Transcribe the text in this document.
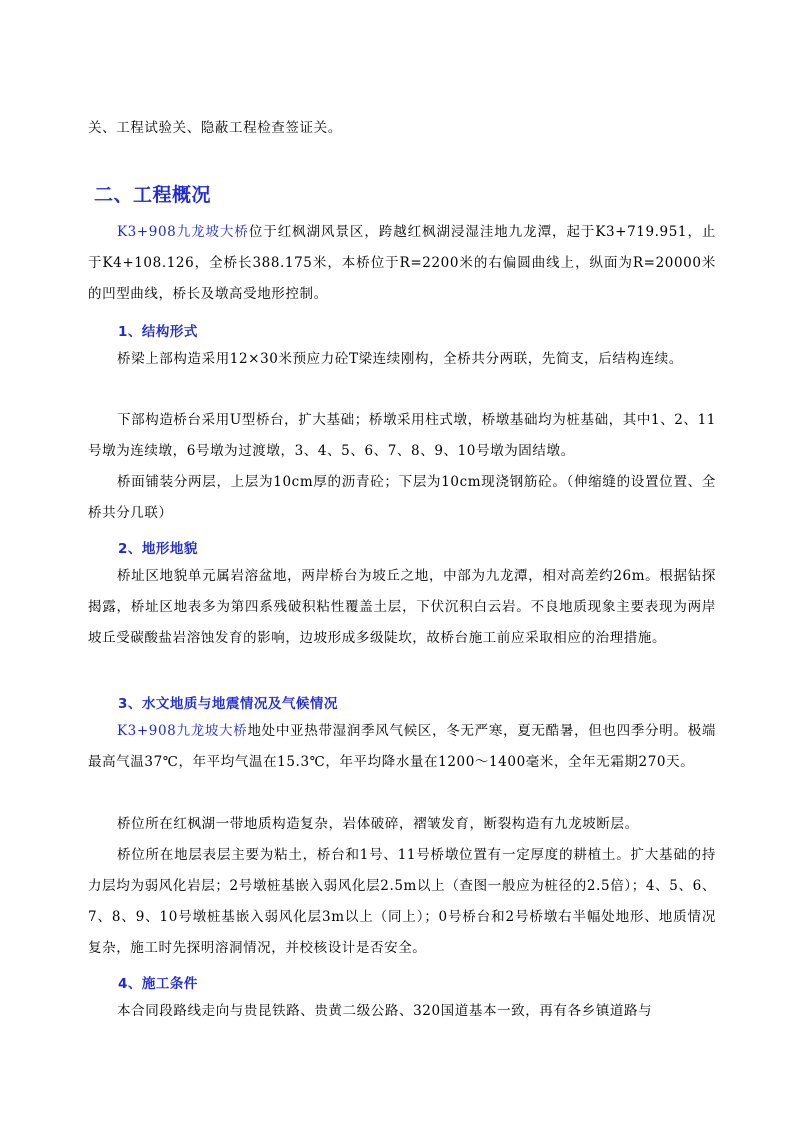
关、工程试验关、隐蔽工程检查签证关。

二、工程概况

K3+908九龙坡大桥位于红枫湖风景区，跨越红枫湖浸湿洼地九龙潭，起于K3+719.951，止于K4+108.126，全桥长388.175米，本桥位于R=2200米的右偏圆曲线上，纵面为R=20000米的凹型曲线，桥长及墩高受地形控制。

1、结构形式

桥梁上部构造采用12×30米预应力砼T梁连续刚构，全桥共分两联，先简支，后结构连续。

下部构造桥台采用U型桥台，扩大基础；桥墩采用柱式墩，桥墩基础均为桩基础，其中1、2、11号墩为连续墩，6号墩为过渡墩，3、4、5、6、7、8、9、10号墩为固结墩。

桥面铺装分两层，上层为10cm厚的沥青砼；下层为10cm现浇钢筋砼。（伸缩缝的设置位置、全桥共分几联）

2、地形地貌

桥址区地貌单元属岩溶盆地，两岸桥台为坡丘之地，中部为九龙潭，相对高差约26m。根据钻探揭露，桥址区地表多为第四系残破积粘性覆盖土层，下伏沉积白云岩。不良地质现象主要表现为两岸坡丘受碳酸盐岩溶蚀发育的影响，边坡形成多级陡坎，故桥台施工前应采取相应的治理措施。

3、水文地质与地震情况及气候情况

K3+908九龙坡大桥地处中亚热带湿润季风气候区，冬无严寒，夏无酷暑，但也四季分明。极端最高气温37℃，年平均气温在15.3℃，年平均降水量在1200～1400毫米，全年无霜期270天。

桥位所在红枫湖一带地质构造复杂，岩体破碎，褶皱发育，断裂构造有九龙坡断层。

桥位所在地层表层主要为粘土，桥台和1号、11号桥墩位置有一定厚度的耕植土。扩大基础的持力层均为弱风化岩层；2号墩桩基嵌入弱风化层2.5m以上（查图一般应为桩径的2.5倍）；4、5、6、7、8、9、10号墩桩基嵌入弱风化层3m以上（同上）；0号桥台和2号桥墩右半幅处地形、地质情况复杂，施工时先探明溶洞情况，并校核设计是否安全。

4、施工条件

本合同段路线走向与贵昆铁路、贵黄二级公路、320国道基本一致，再有各乡镇道路与
